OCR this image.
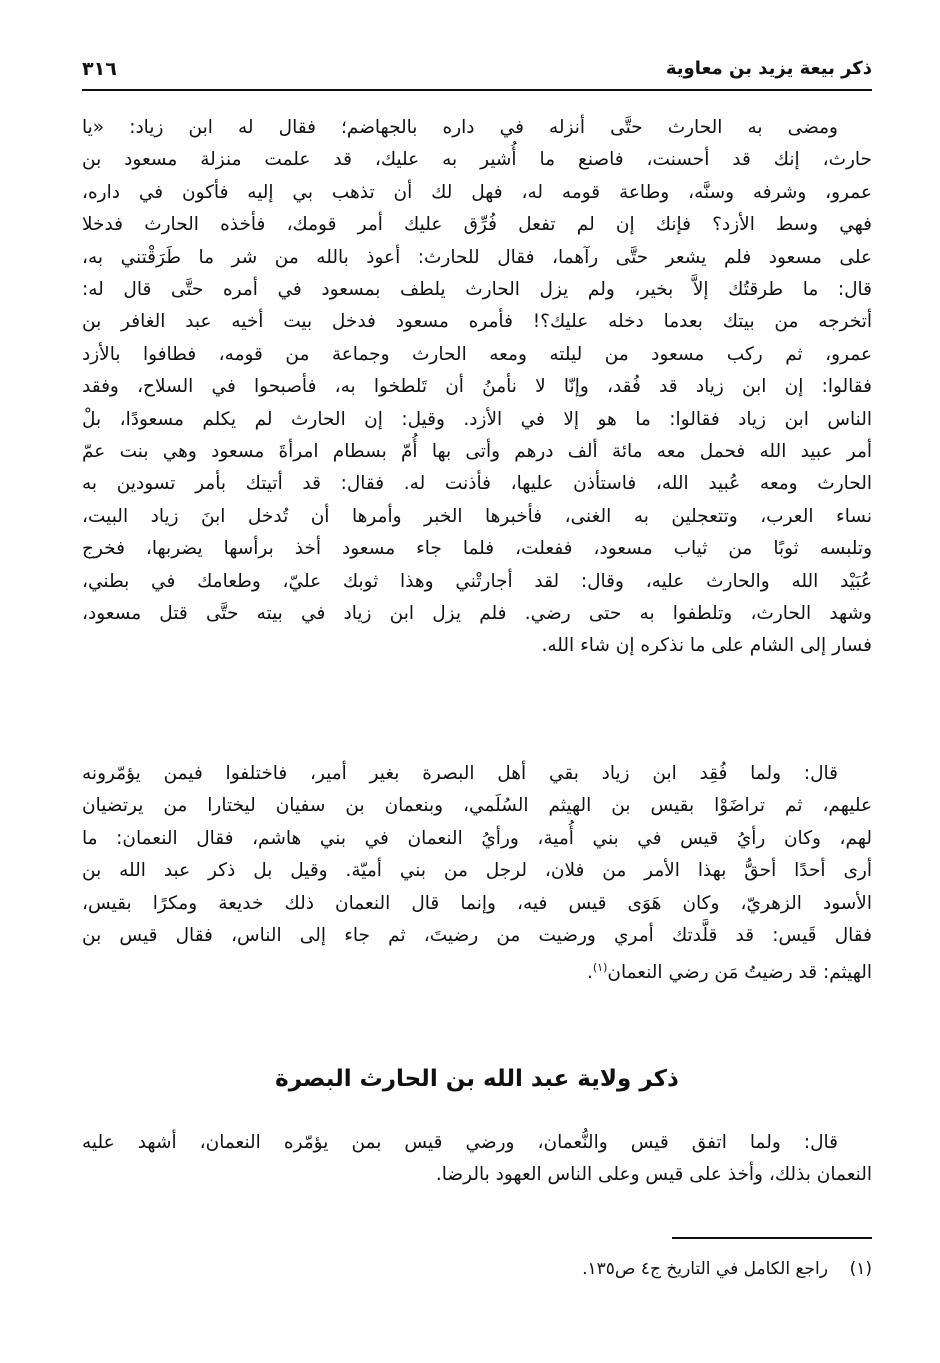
ذكر بيعة يزيد بن معاوية
٣١٦
ومضى به الحارث حتَّى أنزله في داره بالجهاضم؛ فقال له ابن زياد: «يا
حارث، إنك قد أحسنت، فاصنع ما أُشير به عليك، قد علمت منزلة مسعود بن
عمرو، وشرفه وسنَّه، وطاعة قومه له، فهل لك أن تذهب بي إليه فأكون في داره،
فهي وسط الأزد؟ فإنك إن لم تفعل فُرِّق عليك أمر قومك، فأخذه الحارث فدخلا
على مسعود فلم يشعر حتَّى رآهما، فقال للحارث: أعوذ بالله من شر ما طَرَقْتني به،
قال: ما طرقتُك إلاَّ بخير، ولم يزل الحارث يلطف بمسعود في أمره حتَّى قال له:
أتخرجه من بيتك بعدما دخله عليك؟! فأمره مسعود فدخل بيت أخيه عبد الغافر بن
عمرو، ثم ركب مسعود من ليلته ومعه الحارث وجماعة من قومه، فطافوا بالأزد
فقالوا: إن ابن زياد قد فُقد، وإنّا لا نأمنُ أن تَلطخوا به، فأصبحوا في السلاح، وفقد
الناس ابن زياد فقالوا: ما هو إلا في الأزد. وقيل: إن الحارث لم يكلم مسعودًا، بلْ
أمر عبيد الله فحمل معه مائة ألف درهم وأتى بها أُمّ بسطام امرأةَ مسعود وهي بنت عمّ
الحارث ومعه عُبيد الله، فاستأذن عليها، فأذنت له. فقال: قد أتيتك بأمر تسودين به
نساء العرب، وتتعجلين به الغنى، فأخبرها الخبر وأمرها أن تُدخل ابنَ زياد البيت،
وتلبسه ثوبًا من ثياب مسعود، ففعلت، فلما جاء مسعود أخذ برأسها يضربها، فخرج
عُبَيْد الله والحارث عليه، وقال: لقد أجارتْني وهذا ثوبك عليّ، وطعامك في بطني،
وشهد الحارث، وتلطفوا به حتى رضي. فلم يزل ابن زياد في بيته حتَّى قتل مسعود،
فسار إلى الشام على ما نذكره إن شاء الله.
قال: ولما فُقِد ابن زياد بقي أهل البصرة بغير أمير، فاختلفوا فيمن يؤمّرونه
عليهم، ثم تراضَوْا بقيس بن الهيثم السُلَمي، وبنعمان بن سفيان ليختارا من يرتضيان
لهم، وكان رأيُ قيس في بني أُمية، ورأيُ النعمان في بني هاشم، فقال النعمان: ما
أرى أحدًا أحقُّ بهذا الأمر من فلان، لرجل من بني أميّة. وقيل بل ذكر عبد الله بن
الأسود الزهريّ، وكان هَوَى قيس فيه، وإنما قال النعمان ذلك خديعة ومكرًا بقيس،
فقال قَيس: قد قلَّدتك أمري ورضيت من رضيتَ، ثم جاء إلى الناس، فقال قيس بن
الهيثم: قد رضيتُ مَن رضي النعمان$^{(١)}$.
ذكر ولاية عبد الله بن الحارث البصرة
قال: ولما اتفق قيس والنُّعمان، ورضي قيس بمن يؤمّره النعمان، أشهد عليه
النعمان بذلك، وأخذ على قيس وعلى الناس العهود بالرضا.
(١)    راجع الكامل في التاريخ ج٤ ص١٣٥.
